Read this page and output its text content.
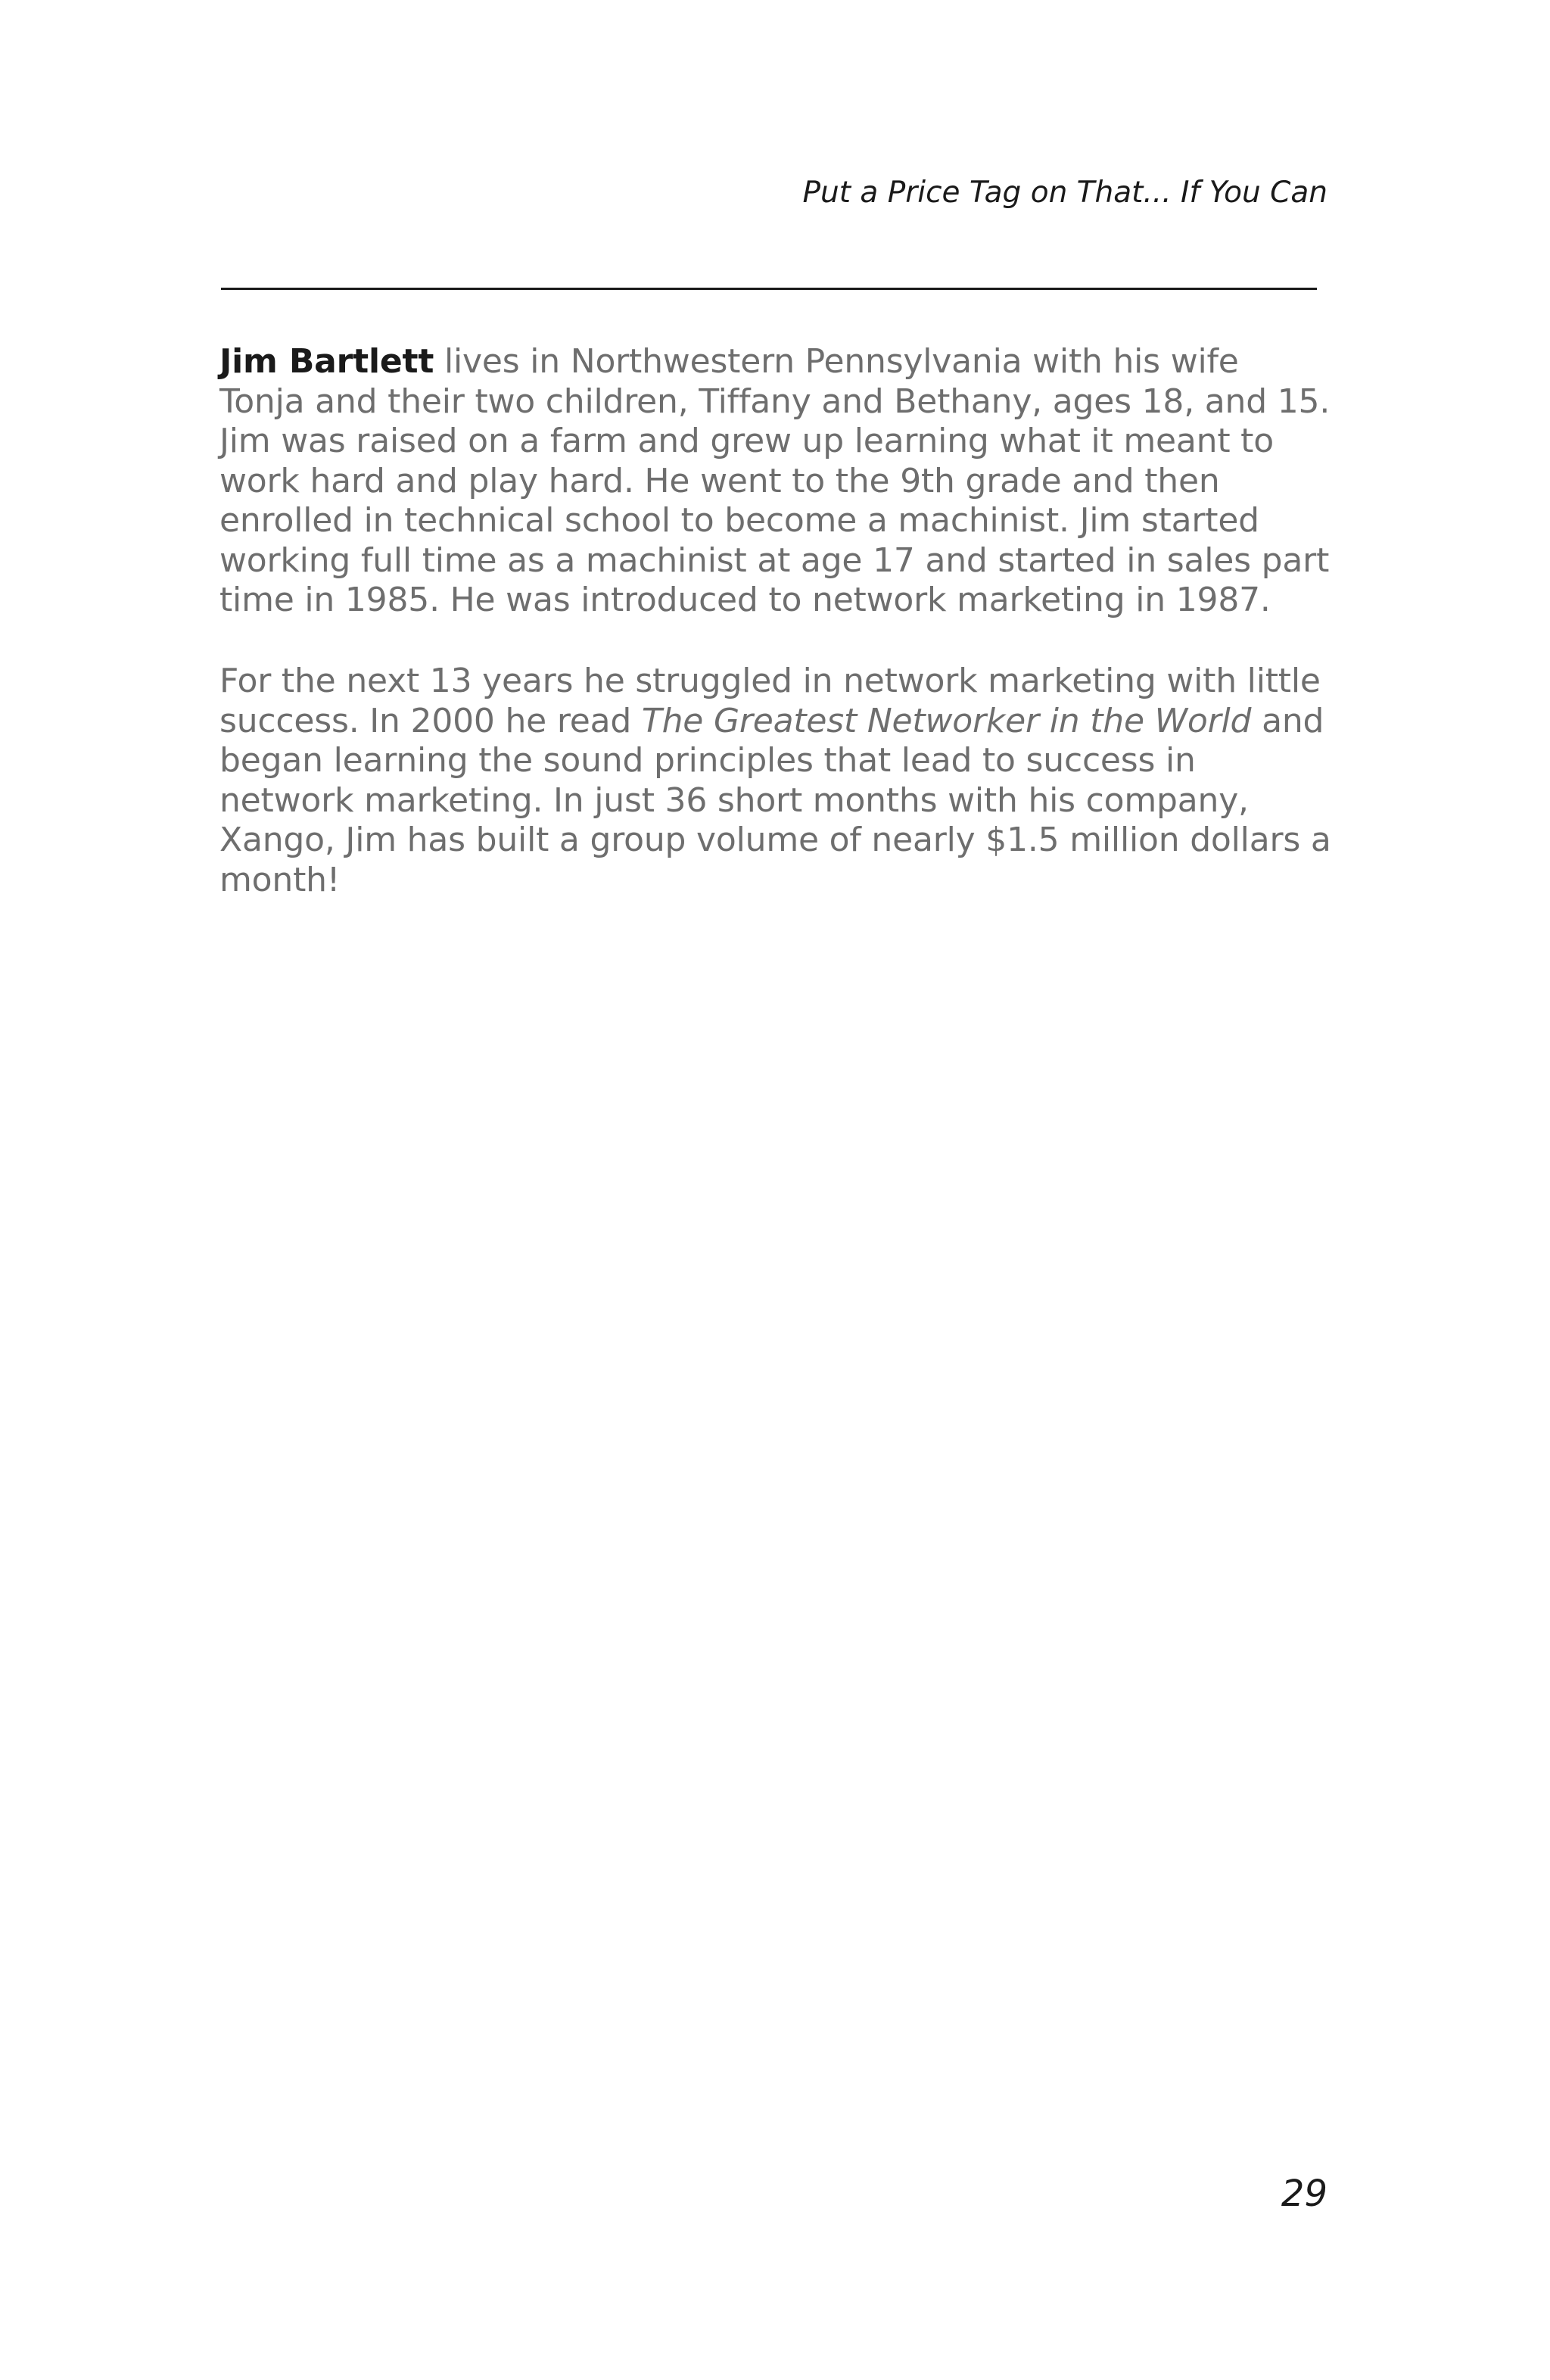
Put a Price Tag on That... If You Can

Jim Bartlett lives in Northwestern Pennsylvania with his wife Tonja and their two children, Tiffany and Bethany, ages 18, and 15. Jim was raised on a farm and grew up learning what it meant to work hard and play hard. He went to the 9th grade and then enrolled in technical school to become a machinist. Jim started working full time as a machinist at age 17 and started in sales part time in 1985. He was introduced to network marketing in 1987.

For the next 13 years he struggled in network marketing with little success. In 2000 he read The Greatest Networker in the World and began learning the sound principles that lead to success in network marketing. In just 36 short months with his company, Xango, Jim has built a group volume of nearly $1.5 million dollars a month!

29
